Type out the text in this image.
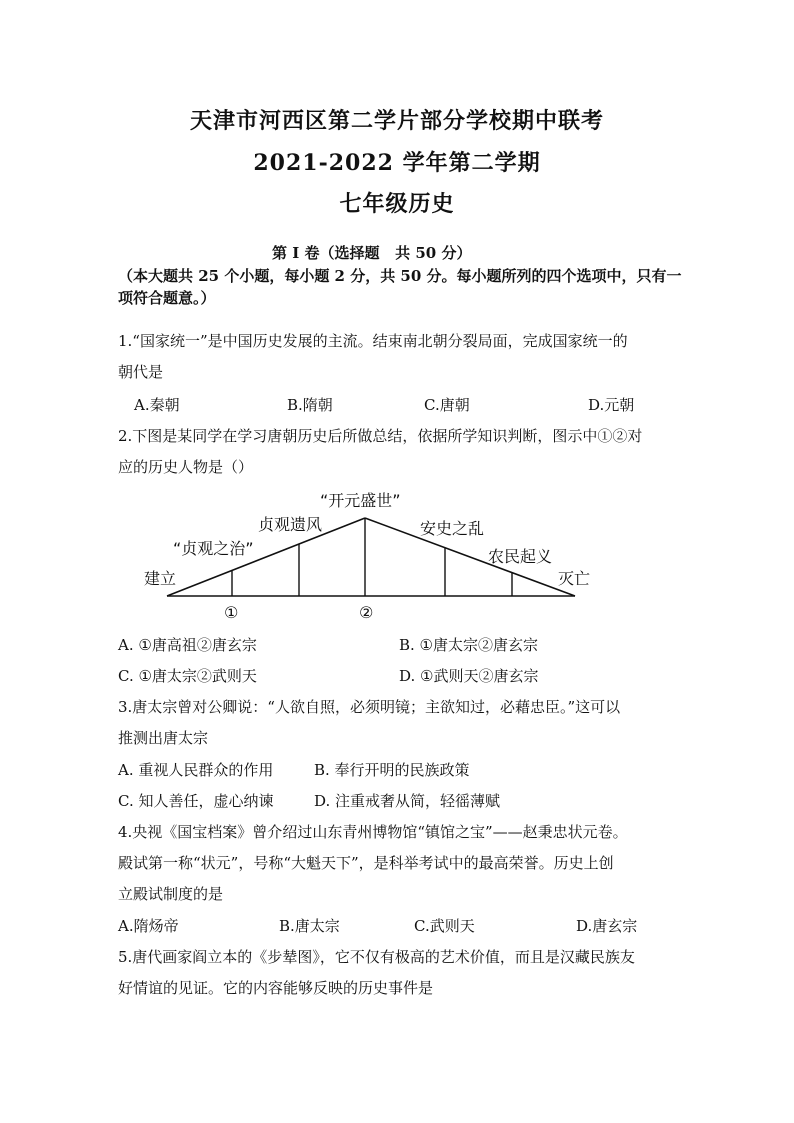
天津市河西区第二学片部分学校期中联考
2021-2022 学年第二学期
七年级历史
第 I 卷（选择题   共 50 分）
（本大题共 25 个小题，每小题 2 分，共 50 分。每小题所列的四个选项中，只有一项符合题意。）
1.“国家统一”是中国历史发展的主流。结束南北朝分裂局面，完成国家统一的
朝代是
A.秦朝	B.隋朝	C.唐朝	D.元朝
2.下图是某同学在学习唐朝历史后所做总结，依据所学知识判断，图示中①②对
应的历史人物是（）
建立
“贞观之治”
贞观遗风
“开元盛世”
安史之乱
农民起义
灭亡
①	②
A. ①唐高祖②唐玄宗	B. ①唐太宗②唐玄宗
C. ①唐太宗②武则天	D. ①武则天②唐玄宗
3.唐太宗曾对公卿说：“人欲自照，必须明镜；主欲知过，必藉忠臣。”这可以
推测出唐太宗
A. 重视人民群众的作用	B. 奉行开明的民族政策
C. 知人善任，虚心纳谏	D. 注重戒奢从简，轻徭薄赋
4.央视《国宝档案》曾介绍过山东青州博物馆“镇馆之宝”——赵秉忠状元卷。
殿试第一称“状元”，号称“大魁天下”，是科举考试中的最高荣誉。历史上创
立殿试制度的是
A.隋炀帝	B.唐太宗	C.武则天	D.唐玄宗
5.唐代画家阎立本的《步辇图》，它不仅有极高的艺术价值，而且是汉藏民族友
好情谊的见证。它的内容能够反映的历史事件是
